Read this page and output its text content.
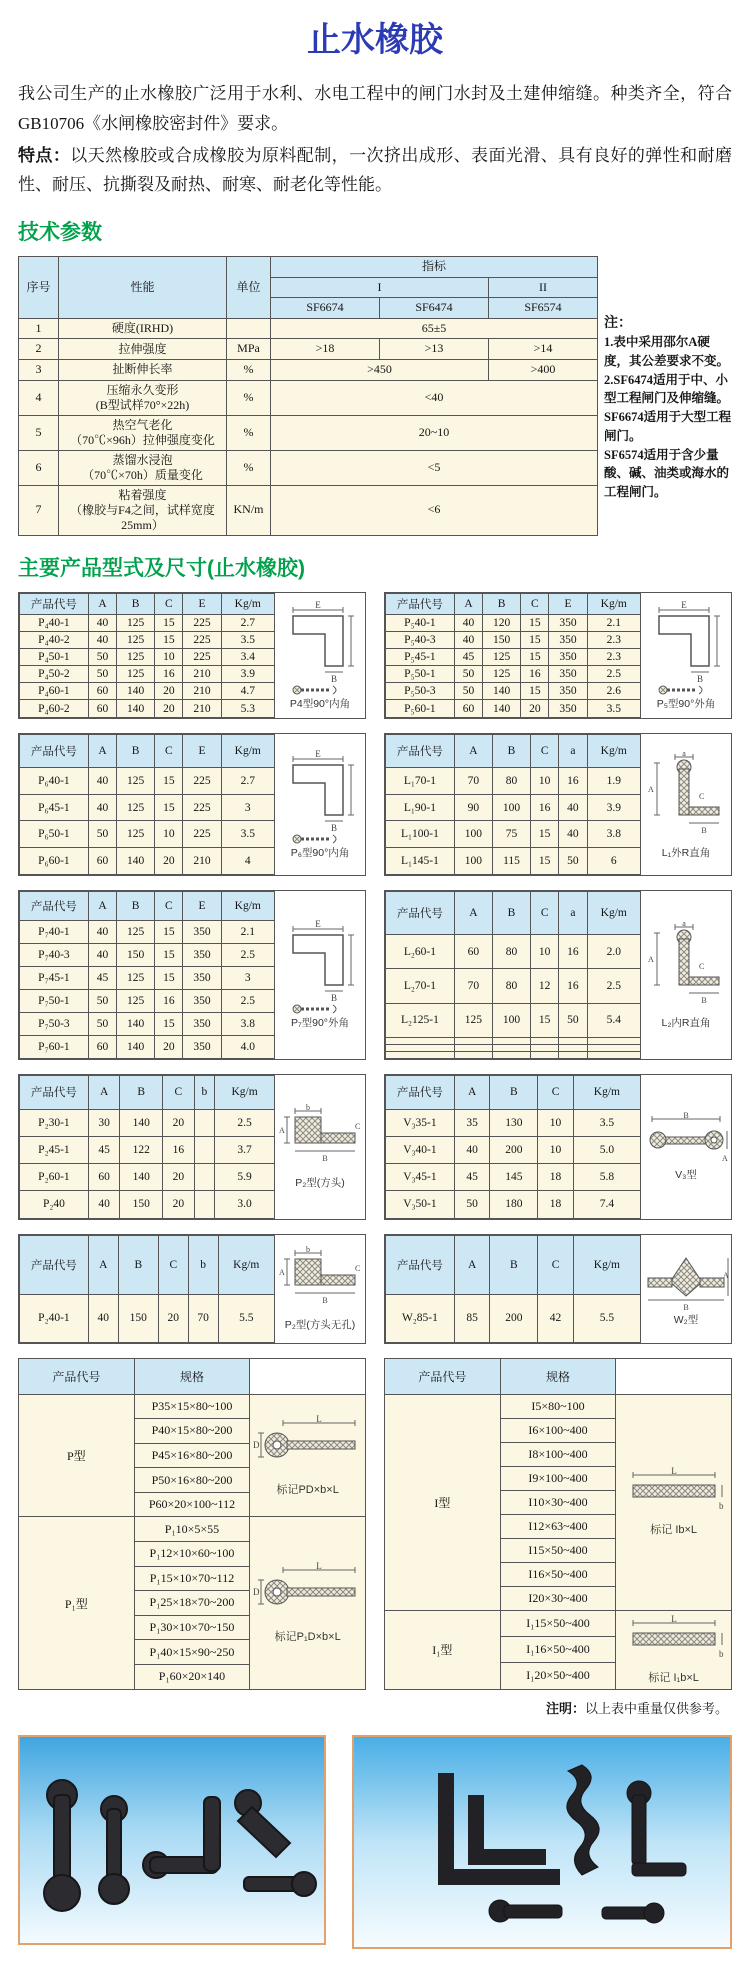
止水橡胶

我公司生产的止水橡胶广泛用于水利、水电工程中的闸门水封及土建伸缩缝。种类齐全，符合GB10706《水闸橡胶密封件》要求。

特点：以天然橡胶或合成橡胶为原料配制，一次挤出成形、表面光滑、具有良好的弹性和耐磨性、耐压、抗撕裂及耐热、耐寒、耐老化等性能。

技术参数
序号	性能	单位	指标		
			I		II
			SF6674	SF6474	SF6574
1	硬度(IRHD)		65±5		
2	拉伸强度	MPa	>18	>13	>14
3	扯断伸长率	%	>450		>400
4	压缩永久变形
(B型试样70°×22h)	%	<40		
5	热空气老化
（70℃×96h）拉伸强度变化	%	20~10		
6	蒸馏水浸泡
（70℃×70h）质量变化	%	<5		
7	粘着强度
（橡胶与F4之间，试样宽度25mm）	KN/m	<6		
注：
1.表中采用邵尔A硬度，其公差要求不变。
2.SF6474适用于中、小型工程闸门及伸缩缝。
SF6674适用于大型工程闸门。
SF6574适用于含少量酸、碱、油类或海水的工程闸门。
主要产品型式及尺寸(止水橡胶)
产品代号	A	B	C	E	Kg/m
P₄40-1	40	125	15	225	2.7
P₄40-2	40	125	15	225	3.5
P₄50-1	50	125	10	225	3.4
P₄50-2	50	125	16	210	3.9
P₄60-1	60	140	20	210	4.7
P₄60-2	60	140	20	210	5.3
E
B
P4型90°内角
产品代号	A	B	C	E	Kg/m
P₅40-1	40	120	15	350	2.1
P₅40-3	40	150	15	350	2.3
P₅45-1	45	125	15	350	2.3
P₅50-1	50	125	16	350	2.5
P₅50-3	50	140	15	350	2.6
P₅60-1	60	140	20	350	3.5
E
B
P₅型90°外角
产品代号	A	B	C	E	Kg/m
P₆40-1	40	125	15	225	2.7
P₆45-1	40	125	15	225	3
P₆50-1	50	125	10	225	3.5
P₆60-1	60	140	20	210	4
E
B
P₆型90°内角
产品代号	A	B	C	a	Kg/m
L₁70-1	70	80	10	16	1.9
L₁90-1	90	100	16	40	3.9
L₁100-1	100	75	15	40	3.8
L₁145-1	100	115	15	50	6
a
A
C
B
L₁外R直角
产品代号	A	B	C	E	Kg/m
P₇40-1	40	125	15	350	2.1
P₇40-3	40	150	15	350	2.5
P₇45-1	45	125	15	350	3
P₇50-1	50	125	16	350	2.5
P₇50-3	50	140	15	350	3.8
P₇60-1	60	140	20	350	4.0
E
B
P₇型90°外角
产品代号	A	B	C	a	Kg/m
L₂60-1	60	80	10	16	2.0
L₂70-1	70	80	12	16	2.5
L₂125-1	125	100	15	50	5.4

a
A
C
B
L₂内R直角
产品代号	A	B	C	b	Kg/m
P₂30-1	30	140	20		2.5
P₂45-1	45	122	16		3.7
P₂60-1	60	140	20		5.9
P₂40	40	150	20		3.0
b
A
B
C
P₂型(方头)
产品代号	A	B	C	Kg/m
V₃35-1	35	130	10	3.5
V₃40-1	40	200	10	5.0
V₃45-1	45	145	18	5.8
V₃50-1	50	180	18	7.4
B
A
V₃型
产品代号	A	B	C	b	Kg/m
P₂40-1	40	150	20	70	5.5
b
A
B
C
P₂型(方头无孔)
产品代号	A	B	C	Kg/m
W₂85-1	85	200	42	5.5
B
A
W₂型
产品代号	规格	
P型	P35×15×80~100	L
D
标记PD×b×L

	P40×15×80~200	
	P45×16×80~200	
	P50×16×80~200	
	P60×20×100~112	
P₁型	P₁10×5×55	L
D
标记P₁D×b×L

	P₁12×10×60~100	
	P₁15×10×70~112	
	P₁25×18×70~200	
	P₁30×10×70~150	
	P₁40×15×90~250	
	P₁60×20×140	
产品代号	规格	
I型	I5×80~100	L
b
标记 Ib×L

	I6×100~400	
	I8×100~400	
	I9×100~400	
	I10×30~400	
	I12×63~400	
	I15×50~400	
	I16×50~400	
	I20×30~400	
I₁型	I₁15×50~400	L
b
标记 I₁b×L

	I₁16×50~400	
	I₁20×50~400	
注明：以上表中重量仅供参考。
